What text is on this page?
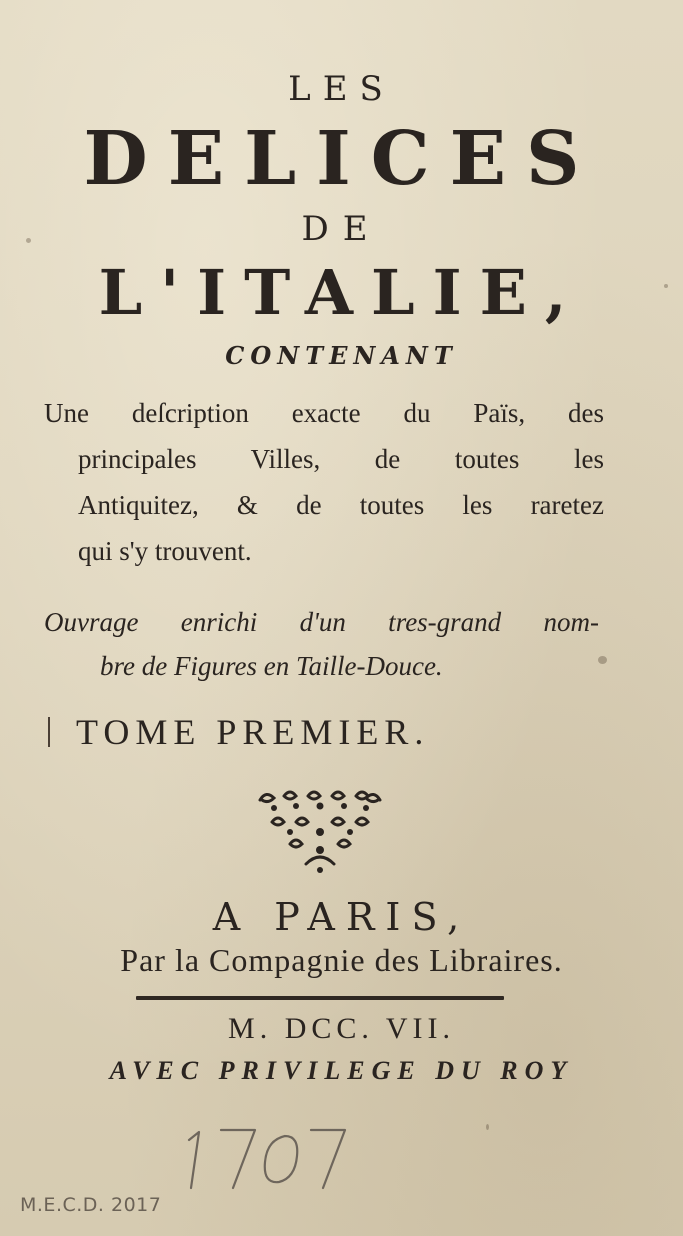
LES
DELICES
DE
L'ITALIE,
CONTENANT
Une deſcription exacte du Païs, des
principales Villes, de toutes les
Antiquitez, & de toutes les raretez
qui s'y trouvent.
Ouvrage enrichi d'un tres-grand nom-
bre de Figures en Taille-Douce.
TOME PREMIER.
A PARIS,
Par la Compagnie des Libraires.
M. DCC. VII.
AVEC PRIVILEGE DU ROY
M.E.C.D. 2017
